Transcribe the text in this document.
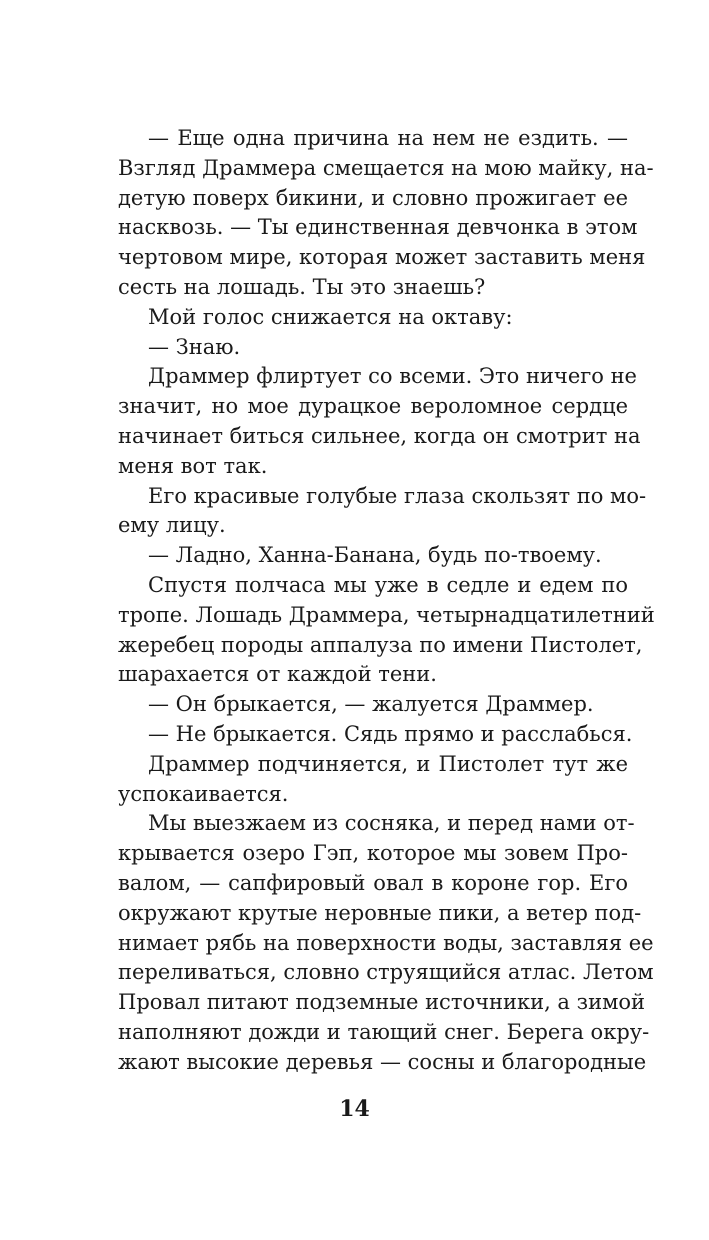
— Еще одна причина на нем не ездить. —
Взгляд Драммера смещается на мою майку, на-
детую поверх бикини, и словно прожигает ее
насквозь. — Ты единственная девчонка в этом
чертовом мире, которая может заставить меня
сесть на лошадь. Ты это знаешь?
Мой голос снижается на октаву:
— Знаю.
Драммер флиртует со всеми. Это ничего не
значит, но мое дурацкое вероломное сердце
начинает биться сильнее, когда он смотрит на
меня вот так.
Его красивые голубые глаза скользят по мо-
ему лицу.
— Ладно, Ханна-Банана, будь по-твоему.
Спустя полчаса мы уже в седле и едем по
тропе. Лошадь Драммера, четырнадцатилетний
жеребец породы аппалуза по имени Пистолет,
шарахается от каждой тени.
— Он брыкается, — жалуется Драммер.
— Не брыкается. Сядь прямо и расслабься.
Драммер подчиняется, и Пистолет тут же
успокаивается.
Мы выезжаем из сосняка, и перед нами от-
крывается озеро Гэп, которое мы зовем Про-
валом, — сапфировый овал в короне гор. Его
окружают крутые неровные пики, а ветер под-
нимает рябь на поверхности воды, заставляя ее
переливаться, словно струящийся атлас. Летом
Провал питают подземные источники, а зимой
наполняют дожди и тающий снег. Берега окру-
жают высокие деревья — сосны и благородные
14
